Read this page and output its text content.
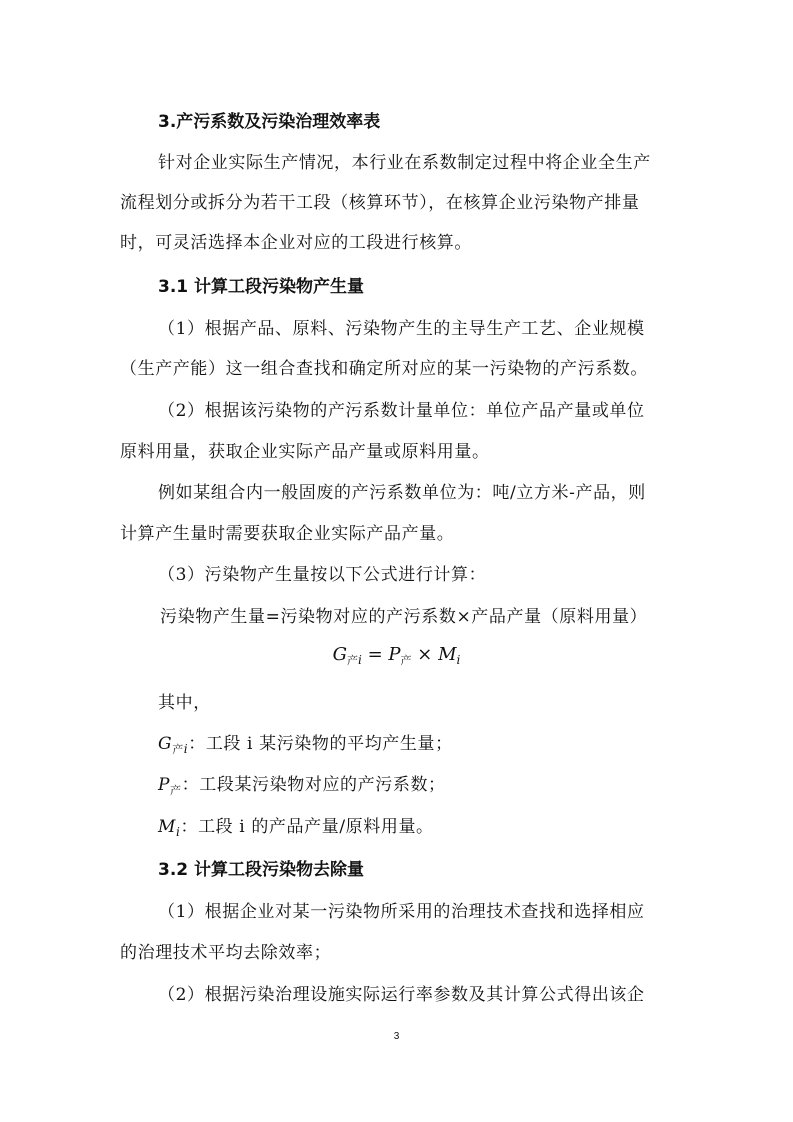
3.产污系数及污染治理效率表
针对企业实际生产情况，本行业在系数制定过程中将企业全生产
流程划分或拆分为若干工段（核算环节），在核算企业污染物产排量
时，可灵活选择本企业对应的工段进行核算。
3.1 计算工段污染物产生量
（1）根据产品、原料、污染物产生的主导生产工艺、企业规模
（生产产能）这一组合查找和确定所对应的某一污染物的产污系数。
（2）根据该污染物的产污系数计量单位：单位产品产量或单位
原料用量，获取企业实际产品产量或原料用量。
例如某组合内一般固废的产污系数单位为：吨/立方米-产品，则
计算产生量时需要获取企业实际产品产量。
（3）污染物产生量按以下公式进行计算：
污染物产生量=污染物对应的产污系数×产品产量（原料用量）
$G_{产i} = P_产 \times M_i$
其中，
$G_{产i}$：工段 i 某污染物的平均产生量；
$P_产$：工段某污染物对应的产污系数；
$M_i$：工段 i 的产品产量/原料用量。
3.2 计算工段污染物去除量
（1）根据企业对某一污染物所采用的治理技术查找和选择相应
的治理技术平均去除效率；
（2）根据污染治理设施实际运行率参数及其计算公式得出该企
3
